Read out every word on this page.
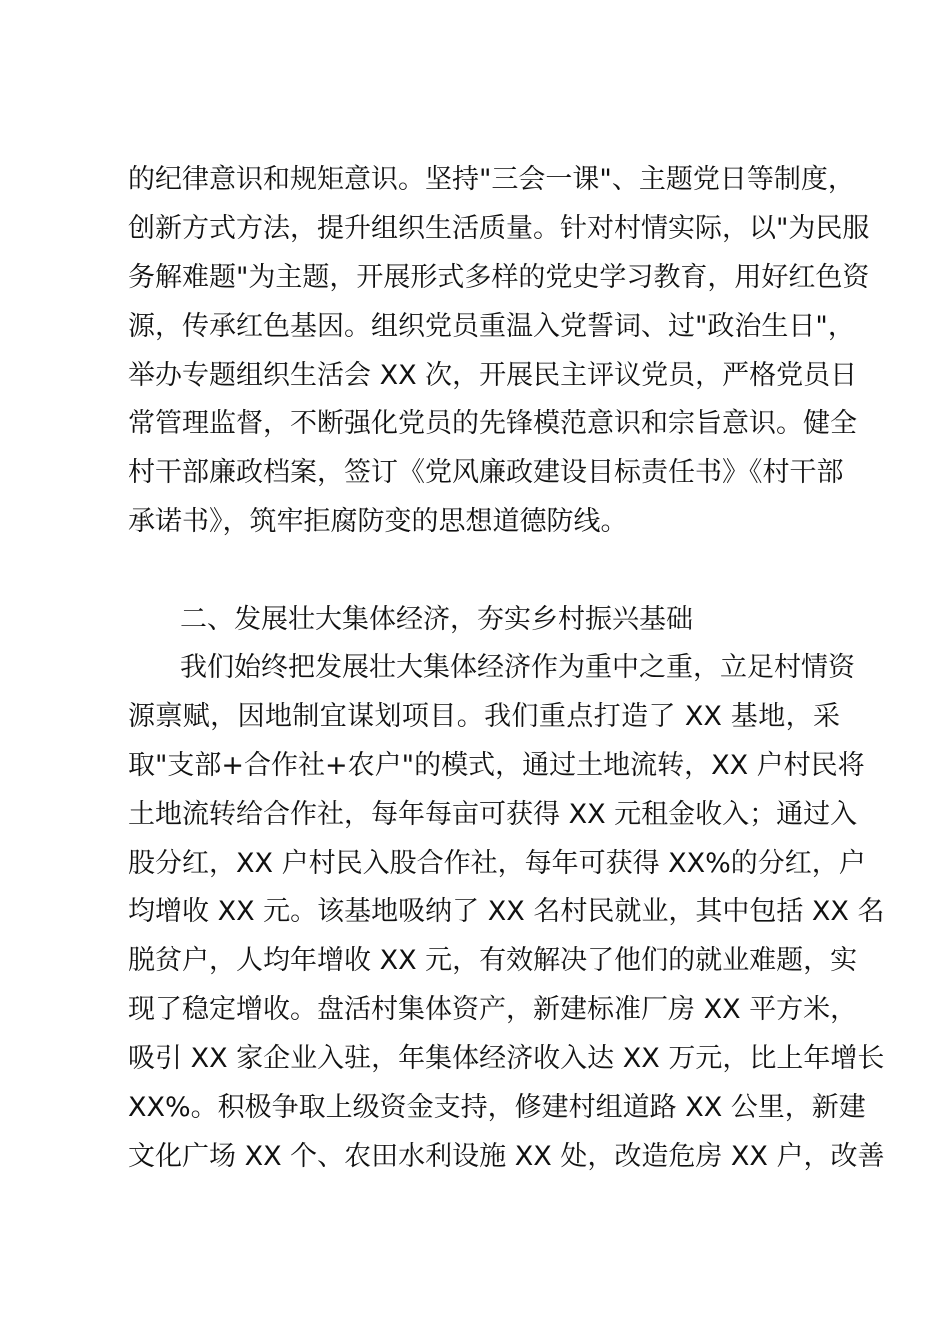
的纪律意识和规矩意识。坚持"三会一课"、主题党日等制度，
创新方式方法，提升组织生活质量。针对村情实际，以"为民服
务解难题"为主题，开展形式多样的党史学习教育，用好红色资
源，传承红色基因。组织党员重温入党誓词、过"政治生日"，
举办专题组织生活会 XX 次，开展民主评议党员，严格党员日
常管理监督，不断强化党员的先锋模范意识和宗旨意识。健全
村干部廉政档案，签订《党风廉政建设目标责任书》《村干部
承诺书》，筑牢拒腐防变的思想道德防线。
二、发展壮大集体经济，夯实乡村振兴基础
我们始终把发展壮大集体经济作为重中之重，立足村情资
源禀赋，因地制宜谋划项目。我们重点打造了 XX 基地，采
取"支部+合作社+农户"的模式，通过土地流转，XX 户村民将
土地流转给合作社，每年每亩可获得 XX 元租金收入；通过入
股分红，XX 户村民入股合作社，每年可获得 XX%的分红，户
均增收 XX 元。该基地吸纳了 XX 名村民就业，其中包括 XX 名
脱贫户，人均年增收 XX 元，有效解决了他们的就业难题，实
现了稳定增收。盘活村集体资产，新建标准厂房 XX 平方米，
吸引 XX 家企业入驻，年集体经济收入达 XX 万元，比上年增长
XX%。积极争取上级资金支持，修建村组道路 XX 公里，新建
文化广场 XX 个、农田水利设施 XX 处，改造危房 XX 户，改善
